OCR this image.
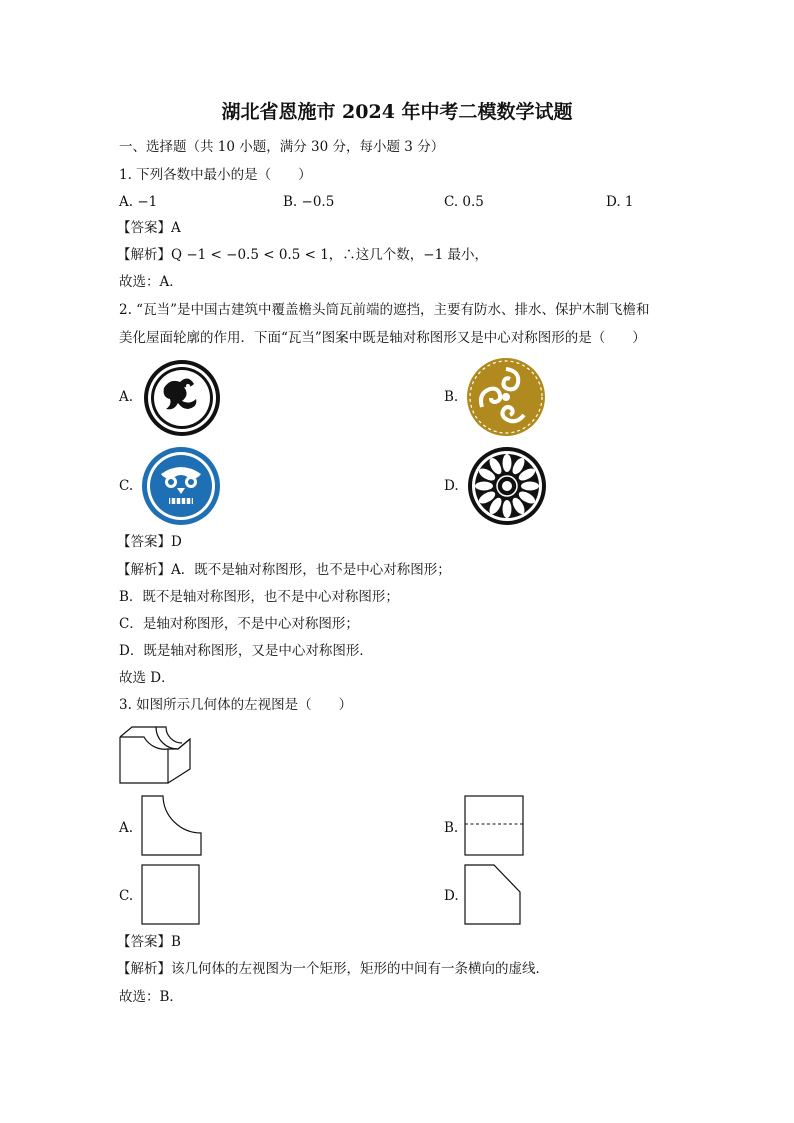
湖北省恩施市 2024 年中考二模数学试题
一、选择题（共 10 小题，满分 30 分，每小题 3 分）
1. 下列各数中最小的是（　　）
A. −1	B. −0.5	C. 0.5	D. 1
【答案】A
【解析】Q −1 < −0.5 < 0.5 < 1，∴这几个数，−1 最小，
故选：A．
2. “瓦当”是中国古建筑中覆盖檐头筒瓦前端的遮挡，主要有防水、排水、保护木制飞檐和
美化屋面轮廓的作用．下面“瓦当”图案中既是轴对称图形又是中心对称图形的是（　　）
A.	B.
C.	D.
【答案】D
【解析】A．既不是轴对称图形，也不是中心对称图形；
B．既不是轴对称图形，也不是中心对称图形；
C．是轴对称图形，不是中心对称图形；
D．既是轴对称图形，又是中心对称图形．
故选 D．
3. 如图所示几何体的左视图是（　　）
A.	B.
C.	D.
【答案】B
【解析】该几何体的左视图为一个矩形，矩形的中间有一条横向的虚线．
故选：B．
